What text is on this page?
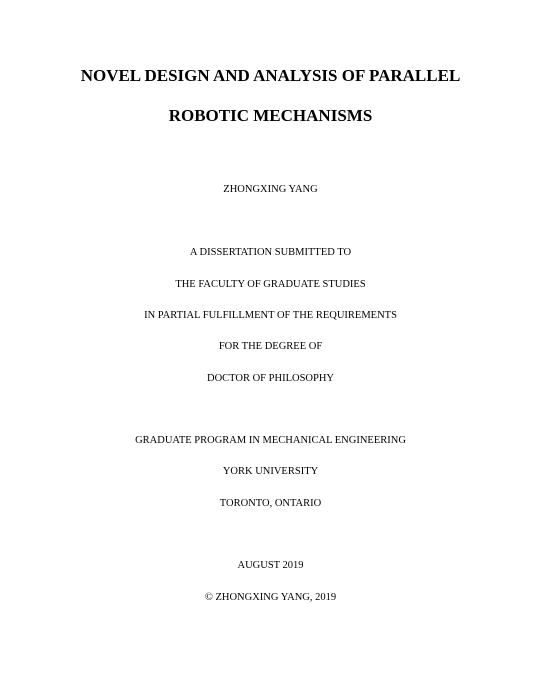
NOVEL DESIGN AND ANALYSIS OF PARALLEL
ROBOTIC MECHANISMS
ZHONGXING YANG
A DISSERTATION SUBMITTED TO
THE FACULTY OF GRADUATE STUDIES
IN PARTIAL FULFILLMENT OF THE REQUIREMENTS
FOR THE DEGREE OF
DOCTOR OF PHILOSOPHY
GRADUATE PROGRAM IN MECHANICAL ENGINEERING
YORK UNIVERSITY
TORONTO, ONTARIO
AUGUST 2019
© ZHONGXING YANG, 2019
